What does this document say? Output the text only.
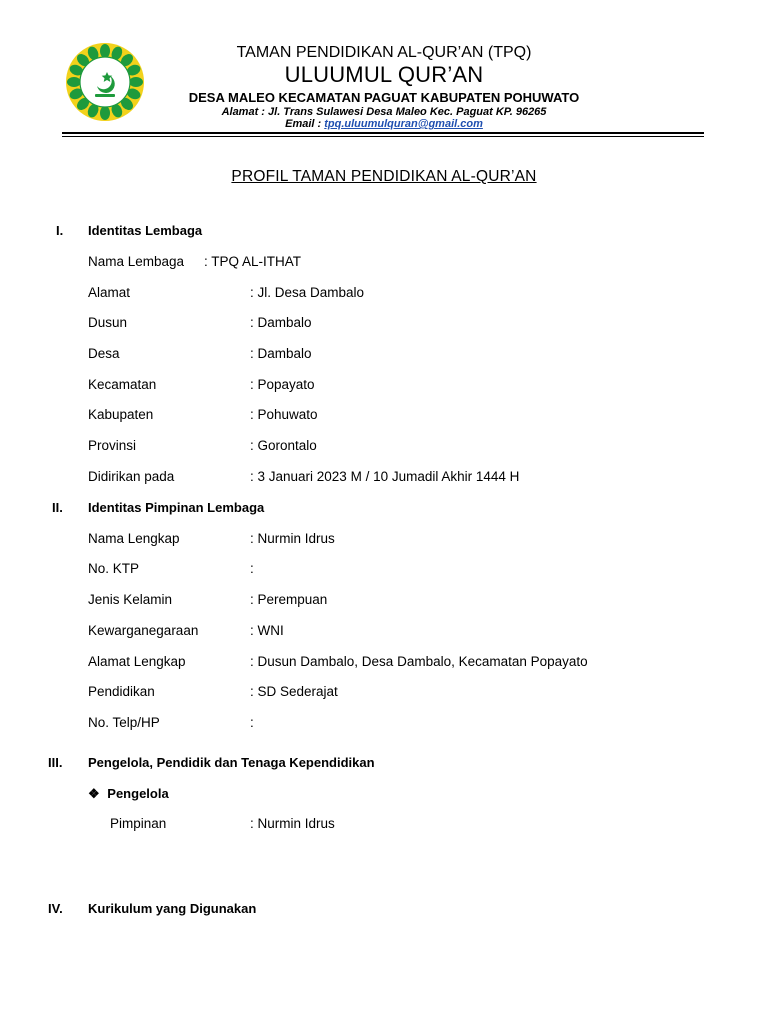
TAMAN PENDIDIKAN AL-QUR’AN (TPQ)
ULUUMUL QUR’AN
DESA MALEO KECAMATAN PAGUAT KABUPATEN POHUWATO
Alamat : Jl. Trans Sulawesi Desa Maleo Kec. Paguat KP. 96265
Email : tpq.uluumulquran@gmail.com
PROFIL TAMAN PENDIDIKAN AL-QUR’AN
I. Identitas Lembaga
Nama Lembaga : TPQ AL-ITHAT
Alamat	: Jl. Desa Dambalo
Dusun	: Dambalo
Desa	: Dambalo
Kecamatan	: Popayato
Kabupaten	: Pohuwato
Provinsi	: Gorontalo
Didirikan pada	: 3 Januari 2023 M / 10 Jumadil Akhir 1444 H
II. Identitas Pimpinan Lembaga
Nama Lengkap	: Nurmin Idrus
No. KTP	:
Jenis Kelamin	: Perempuan
Kewarganegaraan	: WNI
Alamat Lengkap	: Dusun Dambalo, Desa Dambalo, Kecamatan Popayato
Pendidikan	: SD Sederajat
No. Telp/HP	:
III. Pengelola, Pendidik dan Tenaga Kependidikan
❖ Pengelola
Pimpinan	: Nurmin Idrus
IV. Kurikulum yang Digunakan
